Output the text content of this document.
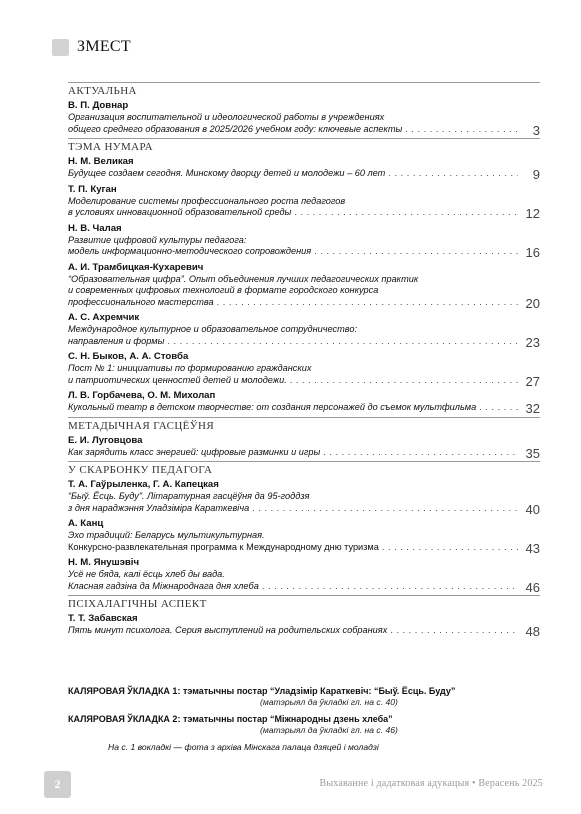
ЗМЕСТ
АКТУАЛЬНА
В. П. Довнар
Организация воспитательной и идеологической работы в учреждениях
общего среднего образования в 2025/2026 учебном году: ключевые аспекты . . .	3
ТЭМА НУМАРА
Н. М. Великая
Будущее создаем сегодня. Минскому дворцу детей и молодежи – 60 лет . . .	9
Т. П. Куган
Моделирование системы профессионального роста педагогов
в условиях инновационной образовательной среды . . .	12
Н. В. Чалая
Развитие цифровой культуры педагога:
модель информационно-методического сопровождения . . .	16
А. И. Трамбицкая-Кухаревич
“Образовательная цифра”. Опыт объединения лучших педагогических практик
и современных цифровых технологий в формате городского конкурса
профессионального мастерства . . .	20
А. С. Ахремчик
Международное культурное и образовательное сотрудничество:
направления и формы . . .	23
С. Н. Быков, А. А. Стовба
Пост № 1: инициативы по формированию гражданских
и патриотических ценностей детей и молодежи. . . .	27
Л. В. Горбачева, О. М. Михолап
Кукольный театр в детском творчестве: от создания персонажей до съемок мультфильма . . .	32
МЕТАДЫЧНАЯ ГАСЦЁЎНЯ
Е. И. Луговцова
Как зарядить класс энергией: цифровые разминки и игры . . .	35
У СКАРБОНКУ ПЕДАГОГА
Т. А. Гаўрыленка, Г. А. Капецкая
“Быў. Ёсць. Буду”. Літаратурная гасцёўня да 95-годдзя
з дня нараджэння Уладзіміра Караткевіча . . .	40
А. Канц
Эхо традиций: Беларусь мультикультурная.
Конкурсно-развлекательная программа к Международному дню туризма . . .	43
Н. М. Янушэвіч
Усё не бяда, калі ёсць хлеб ды вада.
Класная гадзіна да Міжнароднага дня хлеба . . .	46
ПСІХАЛАГІЧНЫ АСПЕКТ
Т. Т. Забавская
Пять минут психолога. Серия выступлений на родительских собраниях . . .	48
КАЛЯРОВАЯ ЎКЛАДКА 1: тэматычны постар “Уладзімір Караткевіч: “Быў. Ёсць. Буду”
(матэрыял да ўкладкі гл. на с. 40)
КАЛЯРОВАЯ ЎКЛАДКА 2: тэматычны постар “Міжнародны дзень хлеба”
(матэрыял да ўкладкі гл. на с. 46)
На с. 1 вокладкі — фота з архіва Мінскага палаца дзяцей і моладзі
2	Выхаванне і дадатковая адукацыя • Верасень 2025
